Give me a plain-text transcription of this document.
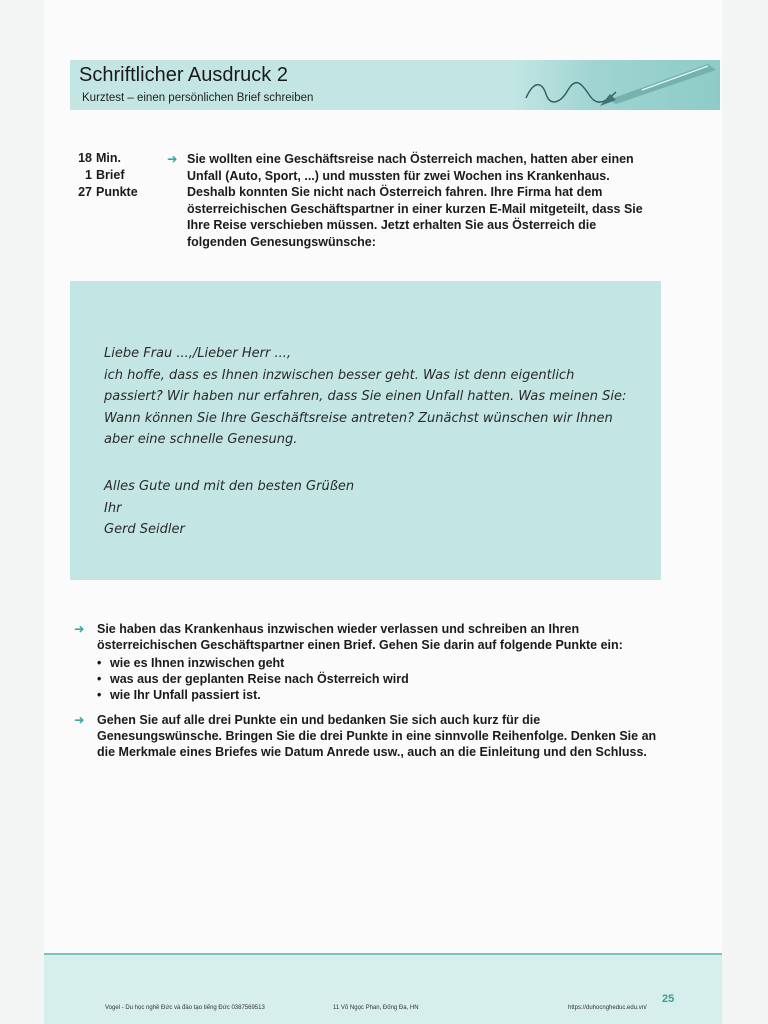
Schriftlicher Ausdruck 2
Kurztest – einen persönlichen Brief schreiben
18 Min.
1 Brief
27 Punkte
➜ Sie wollten eine Geschäftsreise nach Österreich machen, hatten aber einen Unfall (Auto, Sport, ...) und mussten für zwei Wochen ins Krankenhaus. Deshalb konnten Sie nicht nach Österreich fahren. Ihre Firma hat dem österreichischen Geschäftspartner in einer kurzen E-Mail mitgeteilt, dass Sie Ihre Reise verschieben müssen. Jetzt erhalten Sie aus Österreich die folgenden Genesungswünsche:
Liebe Frau ...,/Lieber Herr ...,
ich hoffe, dass es Ihnen inzwischen besser geht. Was ist denn eigentlich passiert? Wir haben nur erfahren, dass Sie einen Unfall hatten. Was meinen Sie: Wann können Sie Ihre Geschäftsreise antreten? Zunächst wünschen wir Ihnen aber eine schnelle Genesung.
Alles Gute und mit den besten Grüßen
Ihr
Gerd Seidler
➜ Sie haben das Krankenhaus inzwischen wieder verlassen und schreiben an Ihren österreichischen Geschäftspartner einen Brief. Gehen Sie darin auf folgende Punkte ein:
• wie es Ihnen inzwischen geht
• was aus der geplanten Reise nach Österreich wird
• wie Ihr Unfall passiert ist.
➜ Gehen Sie auf alle drei Punkte ein und bedanken Sie sich auch kurz für die Genesungswünsche. Bringen Sie die drei Punkte in eine sinnvolle Reihenfolge. Denken Sie an die Merkmale eines Briefes wie Datum Anrede usw., auch an die Einleitung und den Schluss.
Vogel - Du học nghề Đức và đào tạo tiếng Đức 0387569513	11 Võ Ngọc Phan, Đống Đa, HN	https://duhocngheduc.edu.vn/
25
